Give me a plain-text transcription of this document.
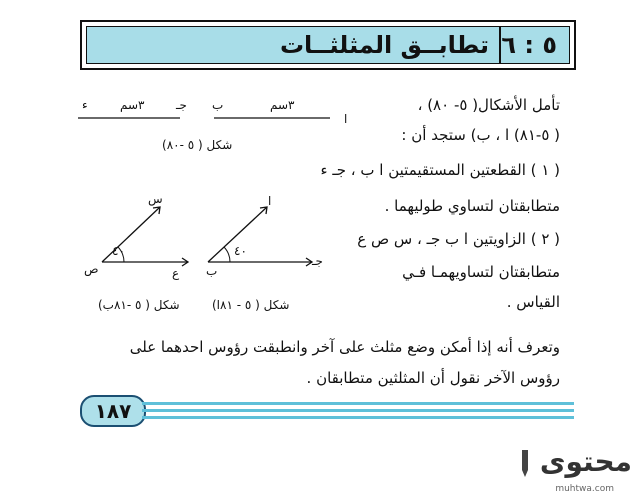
تطابــق المثلثــات ٥ : ٦
ء	٣سم	جـ ب	٣سم
ا
شكل ( ٥ -٨٠)
س
ص	ع
٤٠
شكل ( ٥ -٨١ب)
ا
ب
جـ
٤٠
شكل ( ٥ - ٨١ا)
تأمل الأشكال( ٥- ٨٠) ،
( ٥-٨١) ا ، ب) ستجد أن :
( ١ ) القطعتين المستقيمتين ا ب ، جـ ء
متطابقتان لتساوي طوليهما .
( ٢ ) الزاويتين ا ب جـ ، س ص ع
متطابقتان لتساويهمـا فـي
القياس .
وتعرف أنه إذا أمكن وضع مثلث على آخر وانطبقت رؤوس احدهما على
رؤوس الآخر نقول أن المثلثين متطابقان .
١٨٧
محتوى
muhtwa.com
